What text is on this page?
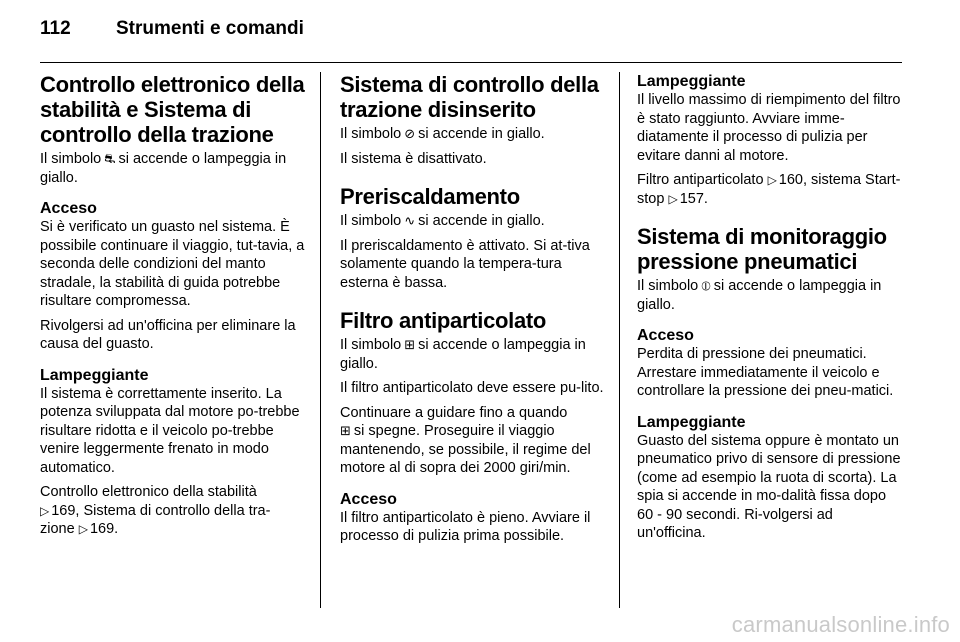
112 Strumenti e comandi
Controllo elettronico della stabilità e Sistema di controllo della trazione

Il simbolo ⛐ si accende o lampeggia in giallo.

Acceso

Si è verificato un guasto nel sistema. È possibile continuare il viaggio, tut-tavia, a seconda delle condizioni del manto stradale, la stabilità di guida potrebbe risultare compromessa.

Rivolgersi ad un'officina per eliminare la causa del guasto.

Lampeggiante

Il sistema è correttamente inserito. La potenza sviluppata dal motore po-trebbe risultare ridotta e il veicolo po-trebbe venire leggermente frenato in modo automatico.

Controllo elettronico della stabilità
▷ 169, Sistema di controllo della tra-zione ▷ 169.

Sistema di controllo della trazione disinserito

Il simbolo ⊘ si accende in giallo.

Il sistema è disattivato.

Preriscaldamento

Il simbolo ∿ si accende in giallo.

Il preriscaldamento è attivato. Si at-tiva solamente quando la tempera-tura esterna è bassa.

Filtro antiparticolato

Il simbolo ⊞ si accende o lampeggia in giallo.

Il filtro antiparticolato deve essere pu-lito.

Continuare a guidare fino a quando
⊞ si spegne. Proseguire il viaggio mantenendo, se possibile, il regime del motore al di sopra dei 2000 giri/min.

Acceso

Il filtro antiparticolato è pieno. Avviare il processo di pulizia prima possibile.

Lampeggiante

Il livello massimo di riempimento del filtro è stato raggiunto. Avviare imme-diatamente il processo di pulizia per evitare danni al motore.

Filtro antiparticolato ▷ 160, sistema Start-stop ▷ 157.

Sistema di monitoraggio pressione pneumatici

Il simbolo ⦶ si accende o lampeggia in giallo.

Acceso

Perdita di pressione dei pneumatici. Arrestare immediatamente il veicolo e controllare la pressione dei pneu-matici.

Lampeggiante

Guasto del sistema oppure è montato un pneumatico privo di sensore di pressione (come ad esempio la ruota di scorta). La spia si accende in mo-dalità fissa dopo 60 - 90 secondi. Ri-volgersi ad un'officina.

carmanualsonline.info
